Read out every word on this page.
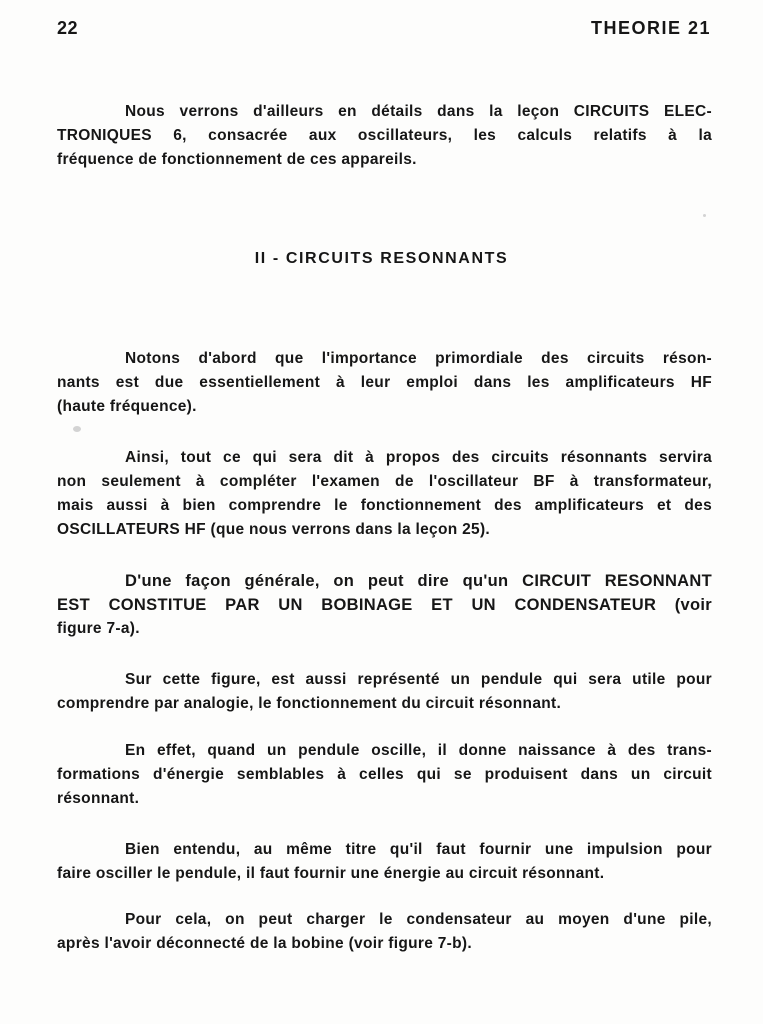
22	THEORIE 21

Nous verrons d'ailleurs en détails dans la leçon CIRCUITS ELEC-
TRONIQUES 6, consacrée aux oscillateurs, les calculs relatifs à la
fréquence de fonctionnement de ces appareils.

II - CIRCUITS RESONNANTS

Notons d'abord que l'importance primordiale des circuits réson-
nants est due essentiellement à leur emploi dans les amplificateurs HF
(haute fréquence).

Ainsi, tout ce qui sera dit à propos des circuits résonnants servira
non seulement à compléter l'examen de l'oscillateur BF à transformateur,
mais aussi à bien comprendre le fonctionnement des amplificateurs et des
OSCILLATEURS HF (que nous verrons dans la leçon 25).

D'une façon générale, on peut dire qu'un CIRCUIT RESONNANT
EST CONSTITUE PAR UN BOBINAGE ET UN CONDENSATEUR (voir
figure 7-a).

Sur cette figure, est aussi représenté un pendule qui sera utile pour
comprendre par analogie, le fonctionnement du circuit résonnant.

En effet, quand un pendule oscille, il donne naissance à des trans-
formations d'énergie semblables à celles qui se produisent dans un circuit
résonnant.

Bien entendu, au même titre qu'il faut fournir une impulsion pour
faire osciller le pendule, il faut fournir une énergie au circuit résonnant.

Pour cela, on peut charger le condensateur au moyen d'une pile,
après l'avoir déconnecté de la bobine (voir figure 7-b).
